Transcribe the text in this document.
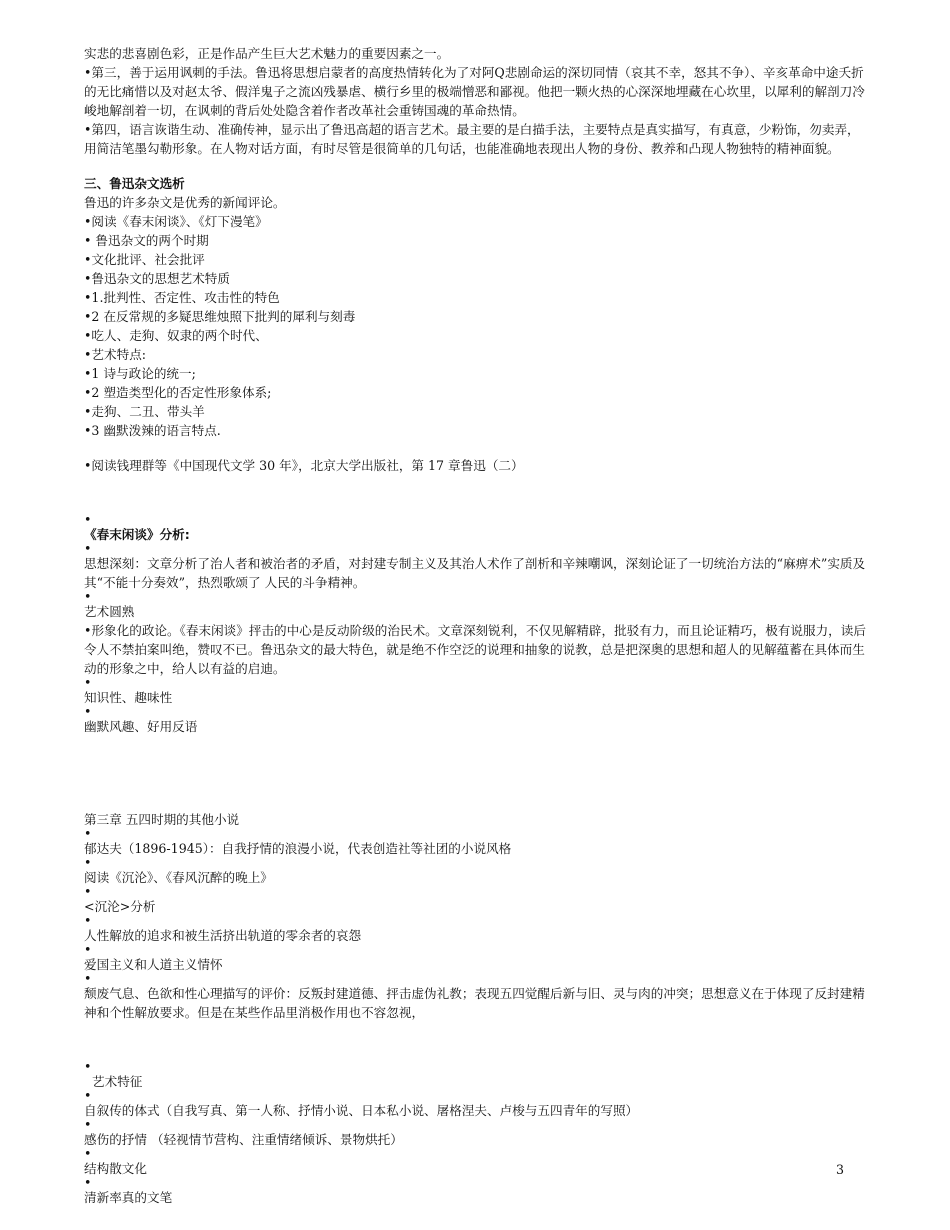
实悲的悲喜剧色彩，正是作品产生巨大艺术魅力的重要因素之一。

•第三，善于运用讽刺的手法。鲁迅将思想启蒙者的高度热情转化为了对阿Q悲剧命运的深切同情（哀其不幸，怒其不争）、辛亥革命中途夭折的无比痛惜以及对赵太爷、假洋鬼子之流凶残暴虐、横行乡里的极端憎恶和鄙视。他把一颗火热的心深深地埋藏在心坎里，以犀利的解剖刀冷峻地解剖着一切，在讽刺的背后处处隐含着作者改革社会重铸国魂的革命热情。

•第四，语言诙谐生动、准确传神，显示出了鲁迅高超的语言艺术。最主要的是白描手法，主要特点是真实描写，有真意，少粉饰，勿卖弄，用简洁笔墨勾勒形象。在人物对话方面，有时尽管是很简单的几句话，也能准确地表现出人物的身份、教养和凸现人物独特的精神面貌。

三、鲁迅杂文选析

鲁迅的许多杂文是优秀的新闻评论。

•阅读《春末闲谈》、《灯下漫笔》

• 鲁迅杂文的两个时期

•文化批评、社会批评

•鲁迅杂文的思想艺术特质

•1.批判性、否定性、攻击性的特色

•2 在反常规的多疑思维烛照下批判的犀利与刻毒

•吃人、走狗、奴隶的两个时代、

•艺术特点:

•1 诗与政论的统一;

•2 塑造类型化的否定性形象体系;

•走狗、二丑、带头羊

•3 幽默泼辣的语言特点.

•阅读钱理群等《中国现代文学 30 年》，北京大学出版社，第 17 章鲁迅（二）

•

《春末闲谈》分析:

•

思想深刻：文章分析了治人者和被治者的矛盾，对封建专制主义及其治人术作了剖析和辛辣嘲讽，深刻论证了一切统治方法的“麻痹术”实质及其“不能十分奏效”，热烈歌颂了 人民的斗争精神。

•

艺术圆熟

•形象化的政论。《春末闲谈》抨击的中心是反动阶级的治民术。文章深刻锐利，不仅见解精辟，批驳有力，而且论证精巧，极有说服力，读后令人不禁拍案叫绝，赞叹不已。鲁迅杂文的最大特色，就是绝不作空泛的说理和抽象的说教，总是把深奥的思想和超人的见解蕴蓄在具体而生动的形象之中，给人以有益的启迪。

•

知识性、趣味性

•

幽默风趣、好用反语

第三章 五四时期的其他小说

•

郁达夫（1896-1945）：自我抒情的浪漫小说，代表创造社等社团的小说风格

•

阅读《沉沦》、《春风沉醉的晚上》

•

<沉沦>分析

•

人性解放的追求和被生活挤出轨道的零余者的哀怨

•

爱国主义和人道主义情怀

•

颓废气息、色欲和性心理描写的评价：反叛封建道德、抨击虚伪礼教；表现五四觉醒后新与旧、灵与肉的冲突；思想意义在于体现了反封建精神和个性解放要求。但是在某些作品里消极作用也不容忽视，

•

艺术特征

•

自叙传的体式（自我写真、第一人称、抒情小说、日本私小说、屠格涅夫、卢梭与五四青年的写照）

•

感伤的抒情 （轻视情节营构、注重情绪倾诉、景物烘托）

•

结构散文化

•

清新率真的文笔

3
